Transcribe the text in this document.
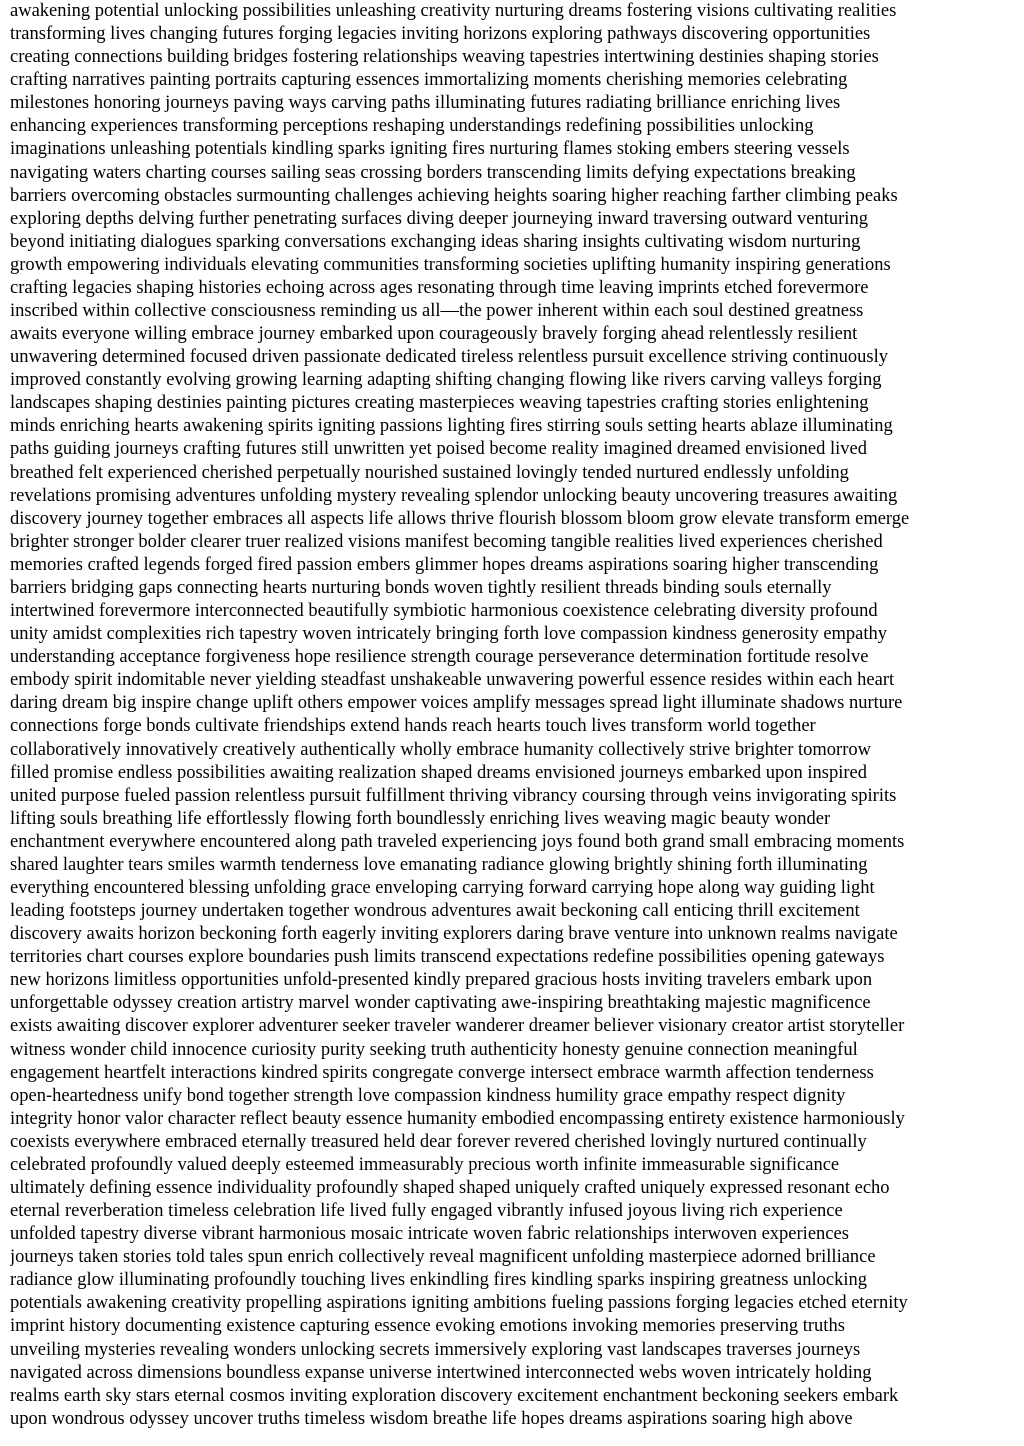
awakening potential unlocking possibilities unleashing creativity nurturing dreams fostering visions cultivating realities
transforming lives changing futures forging legacies inviting horizons exploring pathways discovering opportunities
creating connections building bridges fostering relationships weaving tapestries intertwining destinies shaping stories
crafting narratives painting portraits capturing essences immortalizing moments cherishing memories celebrating
milestones honoring journeys paving ways carving paths illuminating futures radiating brilliance enriching lives
enhancing experiences transforming perceptions reshaping understandings redefining possibilities unlocking
imaginations unleashing potentials kindling sparks igniting fires nurturing flames stoking embers steering vessels
navigating waters charting courses sailing seas crossing borders transcending limits defying expectations breaking
barriers overcoming obstacles surmounting challenges achieving heights soaring higher reaching farther climbing peaks
exploring depths delving further penetrating surfaces diving deeper journeying inward traversing outward venturing
beyond initiating dialogues sparking conversations exchanging ideas sharing insights cultivating wisdom nurturing
growth empowering individuals elevating communities transforming societies uplifting humanity inspiring generations
crafting legacies shaping histories echoing across ages resonating through time leaving imprints etched forevermore
inscribed within collective consciousness reminding us all—the power inherent within each soul destined greatness
awaits everyone willing embrace journey embarked upon courageously bravely forging ahead relentlessly resilient
unwavering determined focused driven passionate dedicated tireless relentless pursuit excellence striving continuously
improved constantly evolving growing learning adapting shifting changing flowing like rivers carving valleys forging
landscapes shaping destinies painting pictures creating masterpieces weaving tapestries crafting stories enlightening
minds enriching hearts awakening spirits igniting passions lighting fires stirring souls setting hearts ablaze illuminating
paths guiding journeys crafting futures still unwritten yet poised become reality imagined dreamed envisioned lived
breathed felt experienced cherished perpetually nourished sustained lovingly tended nurtured endlessly unfolding
revelations promising adventures unfolding mystery revealing splendor unlocking beauty uncovering treasures awaiting
discovery journey together embraces all aspects life allows thrive flourish blossom bloom grow elevate transform emerge
brighter stronger bolder clearer truer realized visions manifest becoming tangible realities lived experiences cherished
memories crafted legends forged fired passion embers glimmer hopes dreams aspirations soaring higher transcending
barriers bridging gaps connecting hearts nurturing bonds woven tightly resilient threads binding souls eternally
intertwined forevermore interconnected beautifully symbiotic harmonious coexistence celebrating diversity profound
unity amidst complexities rich tapestry woven intricately bringing forth love compassion kindness generosity empathy
understanding acceptance forgiveness hope resilience strength courage perseverance determination fortitude resolve
embody spirit indomitable never yielding steadfast unshakeable unwavering powerful essence resides within each heart
daring dream big inspire change uplift others empower voices amplify messages spread light illuminate shadows nurture
connections forge bonds cultivate friendships extend hands reach hearts touch lives transform world together
collaboratively innovatively creatively authentically wholly embrace humanity collectively strive brighter tomorrow
filled promise endless possibilities awaiting realization shaped dreams envisioned journeys embarked upon inspired
united purpose fueled passion relentless pursuit fulfillment thriving vibrancy coursing through veins invigorating spirits
lifting souls breathing life effortlessly flowing forth boundlessly enriching lives weaving magic beauty wonder
enchantment everywhere encountered along path traveled experiencing joys found both grand small embracing moments
shared laughter tears smiles warmth tenderness love emanating radiance glowing brightly shining forth illuminating
everything encountered blessing unfolding grace enveloping carrying forward carrying hope along way guiding light
leading footsteps journey undertaken together wondrous adventures await beckoning call enticing thrill excitement
discovery awaits horizon beckoning forth eagerly inviting explorers daring brave venture into unknown realms navigate
territories chart courses explore boundaries push limits transcend expectations redefine possibilities opening gateways
new horizons limitless opportunities unfold-presented kindly prepared gracious hosts inviting travelers embark upon
unforgettable odyssey creation artistry marvel wonder captivating awe-inspiring breathtaking majestic magnificence
exists awaiting discover explorer adventurer seeker traveler wanderer dreamer believer visionary creator artist storyteller
witness wonder child innocence curiosity purity seeking truth authenticity honesty genuine connection meaningful
engagement heartfelt interactions kindred spirits congregate converge intersect embrace warmth affection tenderness
open-heartedness unify bond together strength love compassion kindness humility grace empathy respect dignity
integrity honor valor character reflect beauty essence humanity embodied encompassing entirety existence harmoniously
coexists everywhere embraced eternally treasured held dear forever revered cherished lovingly nurtured continually
celebrated profoundly valued deeply esteemed immeasurably precious worth infinite immeasurable significance
ultimately defining essence individuality profoundly shaped shaped uniquely crafted uniquely expressed resonant echo
eternal reverberation timeless celebration life lived fully engaged vibrantly infused joyous living rich experience
unfolded tapestry diverse vibrant harmonious mosaic intricate woven fabric relationships interwoven experiences
journeys taken stories told tales spun enrich collectively reveal magnificent unfolding masterpiece adorned brilliance
radiance glow illuminating profoundly touching lives enkindling fires kindling sparks inspiring greatness unlocking
potentials awakening creativity propelling aspirations igniting ambitions fueling passions forging legacies etched eternity
imprint history documenting existence capturing essence evoking emotions invoking memories preserving truths
unveiling mysteries revealing wonders unlocking secrets immersively exploring vast landscapes traverses journeys
navigated across dimensions boundless expanse universe intertwined interconnected webs woven intricately holding
realms earth sky stars eternal cosmos inviting exploration discovery excitement enchantment beckoning seekers embark
upon wondrous odyssey uncover truths timeless wisdom breathe life hopes dreams aspirations soaring high above
